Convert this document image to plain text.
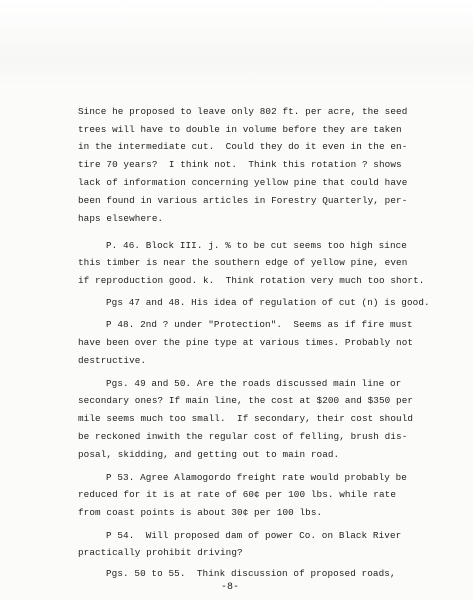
Since he proposed to leave only 802 ft. per acre, the seed
trees will have to double in volume before they are taken
in the intermediate cut.  Could they do it even in the en-
tire 70 years?  I think not.  Think this rotation ? shows
lack of information concerning yellow pine that could have
been found in various articles in Forestry Quarterly, per-
haps elsewhere.
P. 46. Block III. j. % to be cut seems too high since
this timber is near the southern edge of yellow pine, even
if reproduction good. k.  Think rotation very much too short.
Pgs 47 and 48. His idea of regulation of cut (n) is good.
P 48. 2nd ? under "Protection".  Seems as if fire must
have been over the pine type at various times. Probably not
destructive.
Pgs. 49 and 50. Are the roads discussed main line or
secondary ones? If main line, the cost at $200 and $350 per
mile seems much too small.  If secondary, their cost should
be reckoned inwith the regular cost of felling, brush dis-
posal, skidding, and getting out to main road.
P 53. Agree Alamogordo freight rate would probably be
reduced for it is at rate of 60¢ per 100 lbs. while rate
from coast points is about 30¢ per 100 lbs.
P 54.  Will proposed dam of power Co. on Black River
practically prohibit driving?
Pgs. 50 to 55.  Think discussion of proposed roads,
-8-
